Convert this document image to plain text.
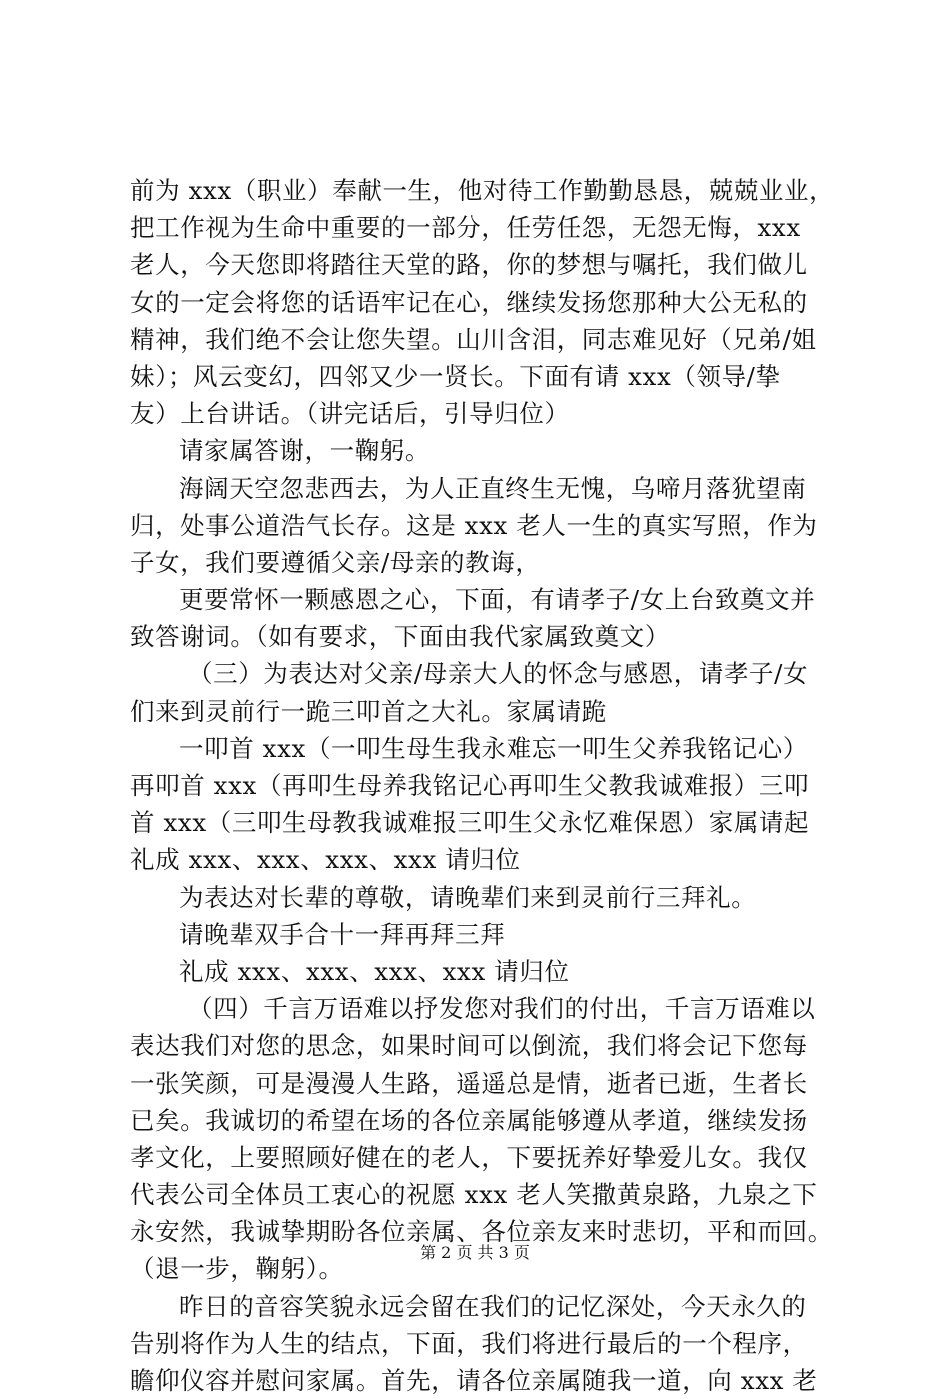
前为 xxx（职业）奉献一生，他对待工作勤勤恳恳，兢兢业业，
把工作视为生命中重要的一部分，任劳任怨，无怨无悔，xxx
老人，今天您即将踏往天堂的路，你的梦想与嘱托，我们做儿
女的一定会将您的话语牢记在心，继续发扬您那种大公无私的
精神，我们绝不会让您失望。山川含泪，同志难见好（兄弟/姐
妹）；风云变幻，四邻又少一贤长。下面有请 xxx（领导/挚
友）上台讲话。（讲完话后，引导归位）
请家属答谢，一鞠躬。
海阔天空忽悲西去，为人正直终生无愧，乌啼月落犹望南
归，处事公道浩气长存。这是 xxx 老人一生的真实写照，作为
子女，我们要遵循父亲/母亲的教诲，
更要常怀一颗感恩之心，下面，有请孝子/女上台致奠文并
致答谢词。（如有要求，下面由我代家属致奠文）
（三）为表达对父亲/母亲大人的怀念与感恩，请孝子/女
们来到灵前行一跪三叩首之大礼。家属请跪
一叩首 xxx（一叩生母生我永难忘一叩生父养我铭记心）
再叩首 xxx（再叩生母养我铭记心再叩生父教我诚难报）三叩
首 xxx（三叩生母教我诚难报三叩生父永忆难保恩）家属请起
礼成 xxx、xxx、xxx、xxx 请归位
为表达对长辈的尊敬，请晚辈们来到灵前行三拜礼。
请晚辈双手合十一拜再拜三拜
礼成 xxx、xxx、xxx、xxx 请归位
（四）千言万语难以抒发您对我们的付出，千言万语难以
表达我们对您的思念，如果时间可以倒流，我们将会记下您每
一张笑颜，可是漫漫人生路，遥遥总是情，逝者已逝，生者长
已矣。我诚切的希望在场的各位亲属能够遵从孝道，继续发扬
孝文化，上要照顾好健在的老人，下要抚养好挚爱儿女。我仅
代表公司全体员工衷心的祝愿 xxx 老人笑撒黄泉路，九泉之下
永安然，我诚挚期盼各位亲属、各位亲友来时悲切，平和而回。
（退一步，鞠躬）。
昨日的音容笑貌永远会留在我们的记忆深处，今天永久的
告别将作为人生的结点，下面，我们将进行最后的一个程序，
瞻仰仪容并慰问家属。首先，请各位亲属随我一道，向 xxx 老
第 2 页 共 3 页
